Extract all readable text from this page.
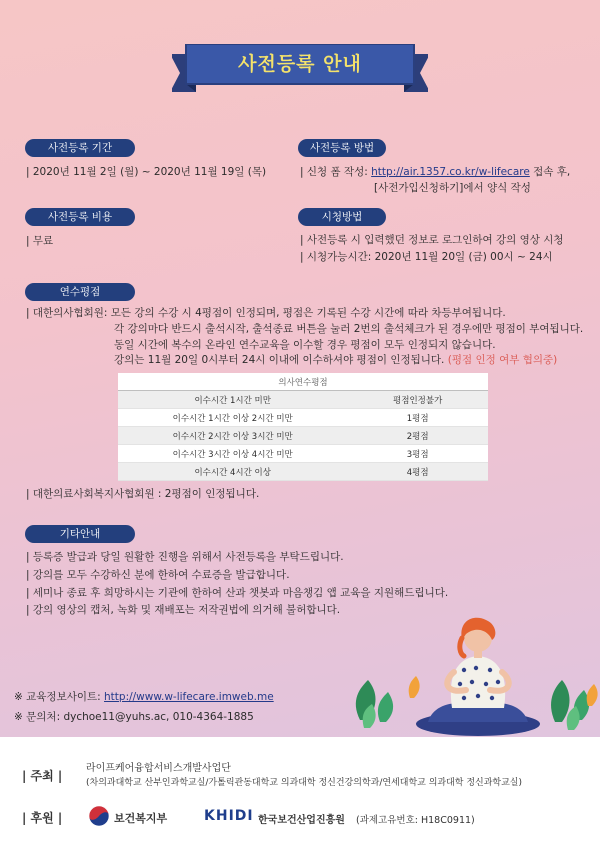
사전등록 안내
사전등록 기간
| 2020년 11월 2일 (월) ~ 2020년 11월 19일 (목)
사전등록 방법
| 신청 폼 작성: http://air.1357.co.kr/w-lifecare 접속 후,
[사전가입신청하기]에서 양식 작성
사전등록 비용
| 무료
시청방법
| 사전등록 시 입력했던 정보로 로그인하여 강의 영상 시청
| 시청가능시간: 2020년 11월 20일 (금) 00시 ~ 24시
연수평점
| 대한의사협회원: 모든 강의 수강 시 4평점이 인정되며, 평점은 기록된 수강 시간에 따라 차등부여됩니다.
각 강의마다 반드시 출석시작, 출석종료 버튼을 눌러 2번의 출석체크가 된 경우에만 평점이 부여됩니다.
동일 시간에 복수의 온라인 연수교육을 이수할 경우 평점이 모두 인정되지 않습니다.
강의는 11월 20일 0시부터 24시 이내에 이수하셔야 평점이 인정됩니다. (평점 인정 여부 협의중)
의사연수평점	
이수시간 1시간 미만	평점인정불가
이수시간 1시간 이상 2시간 미만	1평점
이수시간 2시간 이상 3시간 미만	2평점
이수시간 3시간 이상 4시간 미만	3평점
이수시간 4시간 이상	4평점
| 대한의료사회복지사협회원 : 2평점이 인정됩니다.
기타안내
| 등록증 발급과 당일 원활한 진행을 위해서 사전등록을 부탁드립니다.
| 강의를 모두 수강하신 분에 한하여 수료증을 발급합니다.
| 세미나 종료 후 희망하시는 기관에 한하여 산과 챗봇과 마음챙김 앱 교육을 지원해드립니다.
| 강의 영상의 캡처, 녹화 및 재배포는 저작권법에 의거해 불허합니다.
※ 교육정보사이트: http://www.w-lifecare.imweb.me
※ 문의처: dychoe11@yuhs.ac, 010-4364-1885
| 주최 |
라이프케어융합서비스개발사업단
(차의과대학교 산부인과학교실/가톨릭관동대학교 의과대학 정신건강의학과/연세대학교 의과대학 정신과학교실)
| 후원 |	보건복지부	KHIDI 한국보건산업진흥원 (과제고유번호: H18C0911)
